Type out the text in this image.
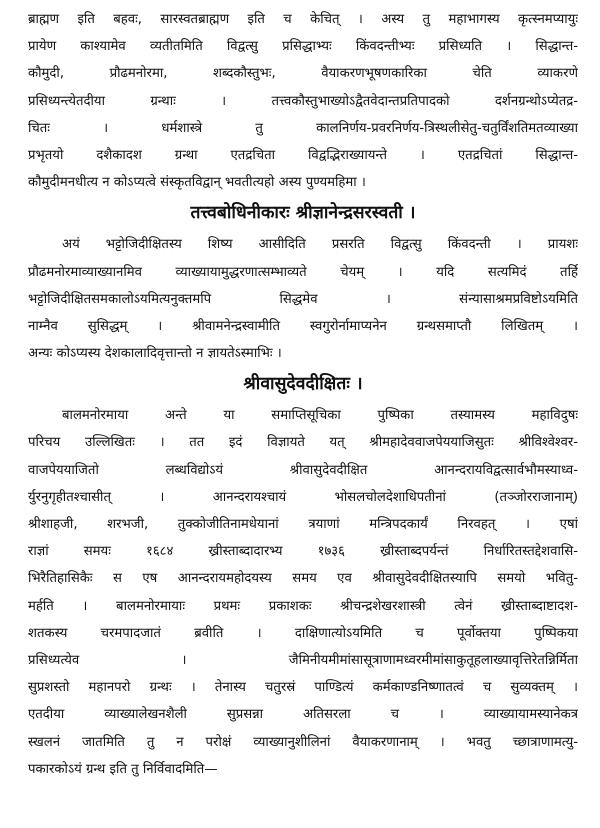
ब्राह्मण इति बहवः, सारस्वतब्राह्मण इति च केचित् । अस्य तु महाभागस्य कृत्स्नमप्यायुः
प्रायेण काश्यामेव व्यतीतमिति विद्वत्सु प्रसिद्धाभ्यः किंवदन्तीभ्यः प्रसिध्यति । सिद्धान्त-
कौमुदी, प्रौढमनोरमा, शब्दकौस्तुभः, वैयाकरणभूषणकारिका चेति व्याकरणे
प्रसिध्यन्त्येतदीया ग्रन्थाः । तत्त्वकौस्तुभाख्योऽद्वैतवेदान्तप्रतिपादको दर्शनग्रन्थोऽप्येतद्र-
चितः । धर्मशास्त्रे तु कालनिर्णय-प्रवरनिर्णय-त्रिस्थलीसेतु-चतुर्विंशतिमतव्याख्या
प्रभृतयो दशैकादश ग्रन्था एतद्रचिता विद्वद्भिराख्यायन्ते । एतद्रचितां सिद्धान्त-
कौमुदीमनधीत्य न कोऽप्यत्वे संस्कृतविद्वान् भवतीत्यहो अस्य पुण्यमहिमा ।
तत्त्वबोधिनीकारः श्रीज्ञानेन्द्रसरस्वती ।
अयं भट्टोजिदीक्षितस्य शिष्य आसीदिति प्रसरति विद्वत्सु किंवदन्ती । प्रायशः
प्रौढमनोरमाव्याख्यानमिव व्याख्यायामुद्धरणात्सम्भाव्यते चेयम् । यदि सत्यमिदं तर्हि
भट्टोजिदीक्षितसमकालोऽयमित्यनुक्तमपि सिद्धमेव । संन्यासाश्रमप्रविष्टोऽयमिति
नाम्नैव सुसिद्धम् । श्रीवामनेन्द्रस्वामीति स्वगुरोर्नामाप्यनेन ग्रन्थसमाप्तौ लिखितम् ।
अन्यः कोऽप्यस्य देशकालादिवृत्तान्तो न ज्ञायतेऽस्माभिः ।
श्रीवासुदेवदीक्षितः ।
बालमनोरमाया अन्ते या समाप्तिसूचिका पुष्पिका तस्यामस्य महाविदुषः
परिचय उल्लिखितः । तत इदं विज्ञायते यत् श्रीमहादेववाजपेययाजिसुतः श्रीविश्वेश्वर-
वाजपेययाजितो लब्धविद्योऽयं श्रीवासुदेवदीक्षित आनन्दरायविद्वत्सार्वभौमस्याध्व-
र्युरनुगृहीतश्चासीत् । आनन्दरायश्चायं भोसलचोलदेशाधिपतीनां (तञ्जोरराजानाम्)
श्रीशाहजी, शरभजी, तुक्कोजीतिनामधेयानां त्रयाणां मन्त्रिपदकार्यं निरवहत् । एषां
राज्ञां समयः १६८४ ख्रीस्ताब्दादारभ्य १७३६ ख्रीस्ताब्दपर्यन्तं निर्धारितस्तद्देशवासि-
भिरैतिहासिकैः स एष आनन्दरायमहोदयस्य समय एव श्रीवासुदेवदीक्षितस्यापि समयो भवितु-
मर्हति । बालमनोरमायाः प्रथमः प्रकाशकः श्रीचन्द्रशेखरशास्त्री त्वेनं ख्रीस्ताब्दाष्टादश-
शतकस्य चरमपादजातं ब्रवीति । दाक्षिणात्योऽयमिति च पूर्वोक्तया पुष्पिकया
प्रसिध्यत्येव । जैमिनीयमीमांसासूत्राणामध्वरमीमांसाकुतूहलाख्यावृत्तिरेतन्निर्मिता
सुप्रशस्तो महानपरो ग्रन्थः । तेनास्य चतुरस्रं पाण्डित्यं कर्मकाण्डनिष्णातत्वं च सुव्यक्तम् ।
एतदीया व्याख्यालेखनशैली सुप्रसन्ना अतिसरला च । व्याख्यायामस्यानेकत्र
स्खलनं जातमिति तु न परोक्षं व्याख्यानुशीलिनां वैयाकरणानाम् । भवतु च्छात्राणामत्यु-
पकारकोऽयं ग्रन्थ इति तु निर्विवादमिति—
